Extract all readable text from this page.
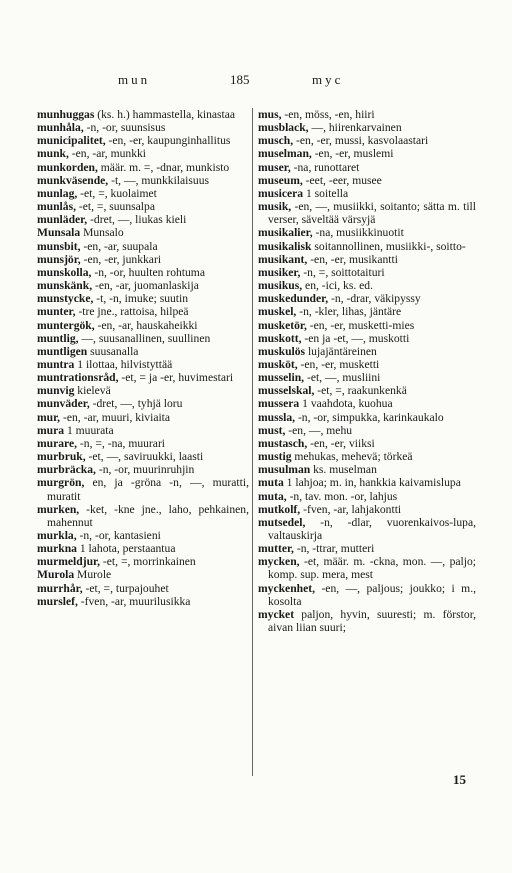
mun	185	myc

munhuggas (ks. h.) hammastella, kinastaa

munhåla, -n, -or, suunsisus

municipalitet, -en, -er, kaupunginhallitus

munk, -en, -ar, munkki

munkorden, määr. m. =, -dnar, munkisto

munkväsende, -t, —, munkkilaisuus

munlag, -et, =, kuolaimet

munlås, -et, =, suunsalpa

munläder, -dret, —, liukas kieli

Munsala Munsalo

munsbit, -en, -ar, suupala

munsjör, -en, -er, junkkari

munskolla, -n, -or, huulten rohtuma

munskänk, -en, -ar, juomanlaskija

munstycke, -t, -n, imuke; suutin

munter, -tre jne., rattoisa, hilpeä

muntergök, -en, -ar, hauskaheikki

muntlig, —, suusanallinen, suullinen

muntligen suusanalla

muntra 1 ilottaa, hilvistyttää

muntrationsråd, -et, = ja -er, huvimestari

munvig kielevä

munväder, -dret, —, tyhjä loru

mur, -en, -ar, muuri, kiviaita

mura 1 muurata

murare, -n, =, -na, muurari

murbruk, -et, —, saviruukki, laasti

murbräcka, -n, -or, muurinruhjin

murgrön, en, ja -gröna -n, —, muratti, muratit

murken, -ket, -kne jne., laho, pehkainen, mahennut

murkla, -n, -or, kantasieni

murkna 1 lahota, perstaantua

murmeldjur, -et, =, morrinkainen

Murola Murole

murrhår, -et, =, turpajouhet

murslef, -fven, -ar, muurilusikka

mus, -en, möss, -en, hiiri

musblack, —, hiirenkarvainen

musch, -en, -er, mussi, kasvolaastari

muselman, -en, -er, muslemi

muser, -na, runottaret

museum, -eet, -eer, musee

musicera 1 soitella

musik, -en, —, musiikki, soitanto; sätta m. till verser, säveltää värsyjä

musikalier, -na, musiikkinuotit

musikalisk soitannollinen, musiikki-, soitto-

musikant, -en, -er, musikantti

musiker, -n, =, soittotaituri

musikus, en, -ici, ks. ed.

muskedunder, -n, -drar, väkipyssy

muskel, -n, -kler, lihas, jäntäre

musketör, -en, -er, musketti-mies

muskott, -en ja -et, —, muskotti

muskulös lujajäntäreinen

musköt, -en, -er, musketti

musselin, -et, —, musliini

musselskal, -et, =, raakunkenkä

mussera 1 vaahdota, kuohua

mussla, -n, -or, simpukka, karinkaukalo

must, -en, —, mehu

mustasch, -en, -er, viiksi

mustig mehukas, mehevä; törkeä

musulman ks. muselman

muta 1 lahjoa; m. in, hankkia kaivamislupa

muta, -n, tav. mon. -or, lahjus

mutkolf, -fven, -ar, lahjakontti

mutsedel, -n, -dlar, vuorenkaivos-lupa, valtauskirja

mutter, -n, -ttrar, mutteri

mycken, -et, määr. m. -ckna, mon. —, paljo; komp. sup. mera, mest

myckenhet, -en, —, paljous; joukko; i m., kosolta

mycket paljon, hyvin, suuresti; m. förstor, aivan liian suuri;

15
